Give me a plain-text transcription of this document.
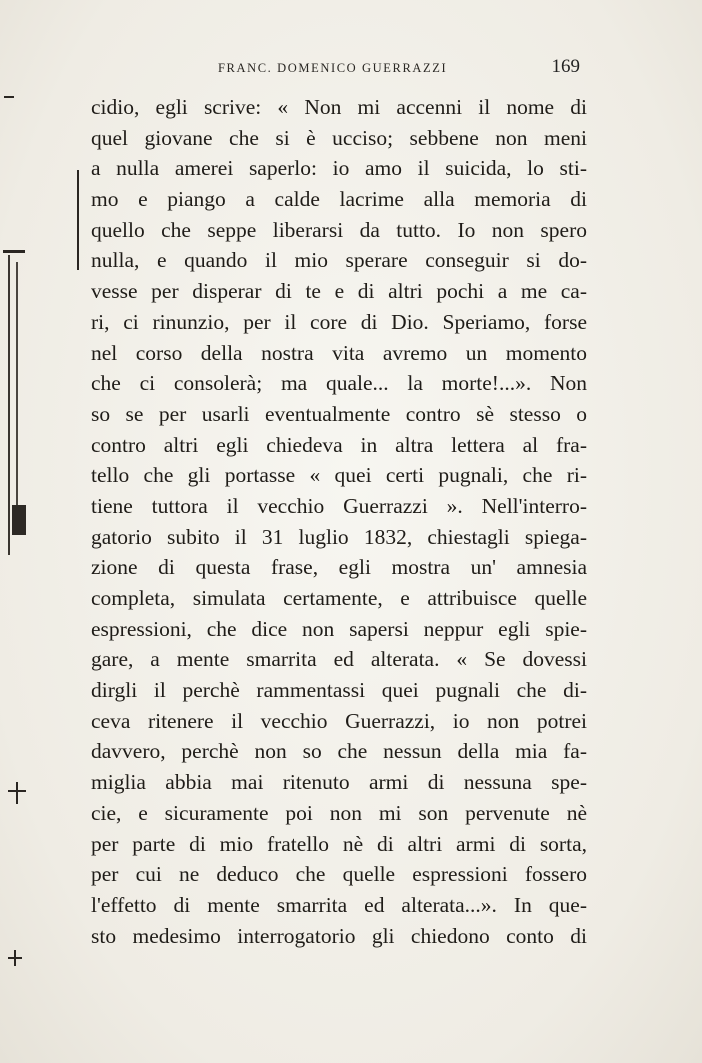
FRANC. DOMENICO GUERRAZZI	169
cidio, egli scrive: « Non mi accenni il nome di
quel giovane che si è ucciso; sebbene non meni
a nulla amerei saperlo: io amo il suicida, lo sti-
mo e piango a calde lacrime alla memoria di
quello che seppe liberarsi da tutto. Io non spero
nulla, e quando il mio sperare conseguir si do-
vesse per disperar di te e di altri pochi a me ca-
ri, ci rinunzio, per il core di Dio. Speriamo, forse
nel corso della nostra vita avremo un momento
che ci consolerà; ma quale... la morte!...». Non
so se per usarli eventualmente contro sè stesso o
contro altri egli chiedeva in altra lettera al fra-
tello che gli portasse « quei certi pugnali, che ri-
tiene tuttora il vecchio Guerrazzi ». Nell'interro-
gatorio subito il 31 luglio 1832, chiestagli spiega-
zione di questa frase, egli mostra un' amnesia
completa, simulata certamente, e attribuisce quelle
espressioni, che dice non sapersi neppur egli spie-
gare, a mente smarrita ed alterata. « Se dovessi
dirgli il perchè rammentassi quei pugnali che di-
ceva ritenere il vecchio Guerrazzi, io non potrei
davvero, perchè non so che nessun della mia fa-
miglia abbia mai ritenuto armi di nessuna spe-
cie, e sicuramente poi non mi son pervenute nè
per parte di mio fratello nè di altri armi di sorta,
per cui ne deduco che quelle espressioni fossero
l'effetto di mente smarrita ed alterata...». In que-
sto medesimo interrogatorio gli chiedono conto di
